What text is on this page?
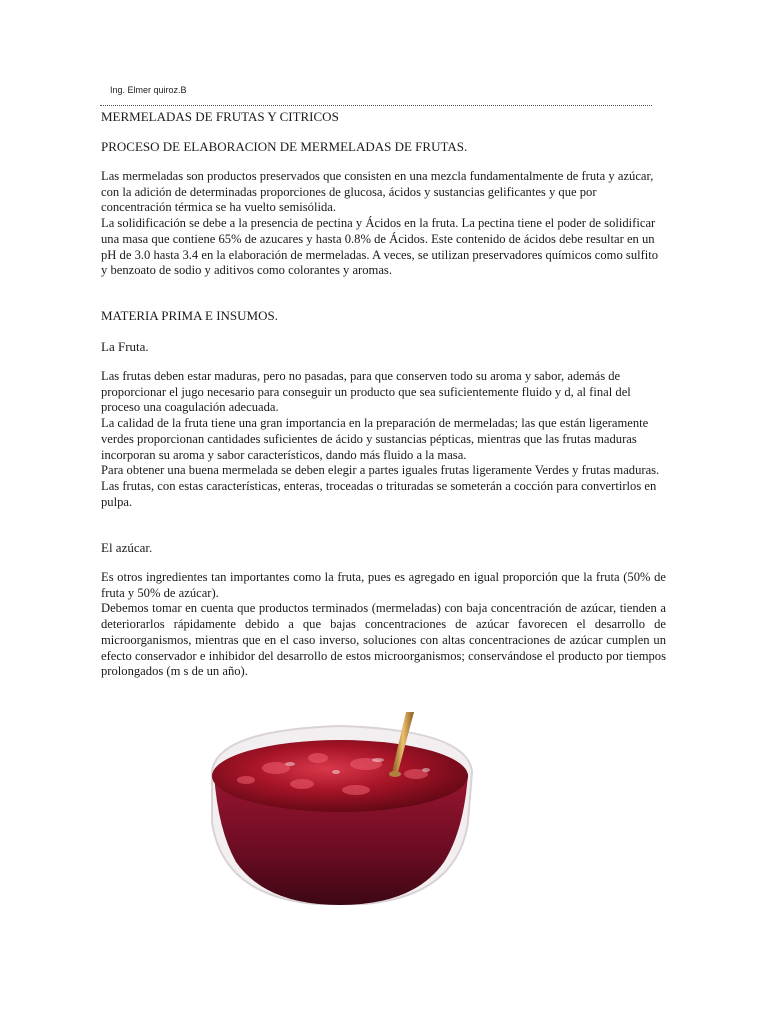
Ing. Elmer quiroz.B
MERMELADAS DE FRUTAS Y CITRICOS
PROCESO DE ELABORACION DE MERMELADAS DE FRUTAS.

Las mermeladas son productos preservados que consisten en una mezcla fundamentalmente de fruta y azúcar, con la adición de determinadas proporciones de glucosa, ácidos y sustancias gelificantes y que por concentración térmica se ha vuelto semisólida.

La solidificación se debe a la presencia de pectina y Ácidos en la fruta. La pectina tiene el poder de solidificar una masa que contiene 65% de azucares y hasta 0.8% de Ácidos. Este contenido de ácidos debe resultar en un pH de 3.0 hasta 3.4 en la elaboración de mermeladas. A veces, se utilizan preservadores químicos como sulfito y benzoato de sodio y aditivos como colorantes y aromas.

MATERIA PRIMA E INSUMOS.
La Fruta.

Las frutas deben estar maduras, pero no pasadas, para que conserven todo su aroma y sabor, además de proporcionar el jugo necesario para conseguir un producto que sea suficientemente fluido y d, al final del proceso una coagulación adecuada.

La calidad de la fruta tiene una gran importancia en la preparación de mermeladas; las que están ligeramente verdes proporcionan cantidades suficientes de ácido y sustancias pépticas, mientras que las frutas maduras incorporan su aroma y sabor característicos, dando más fluido a la masa.

Para obtener una buena mermelada se deben elegir a partes iguales frutas ligeramente Verdes y frutas maduras. Las frutas, con estas características, enteras, troceadas o trituradas se someterán a cocción para convertirlos en pulpa.

El azúcar.

Es otros ingredientes tan importantes como la fruta, pues es agregado en igual proporción que la fruta (50% de fruta y 50% de azúcar).

Debemos tomar en cuenta que productos terminados (mermeladas) con baja concentración de azúcar, tienden a deteriorarlos rápidamente debido a que bajas concentraciones de azúcar favorecen el desarrollo de microorganismos, mientras que en el caso inverso, soluciones con altas concentraciones de azúcar cumplen un efecto conservador e inhibidor del desarrollo de estos microorganismos; conservándose el producto por tiempos prolongados (m s de un año).
